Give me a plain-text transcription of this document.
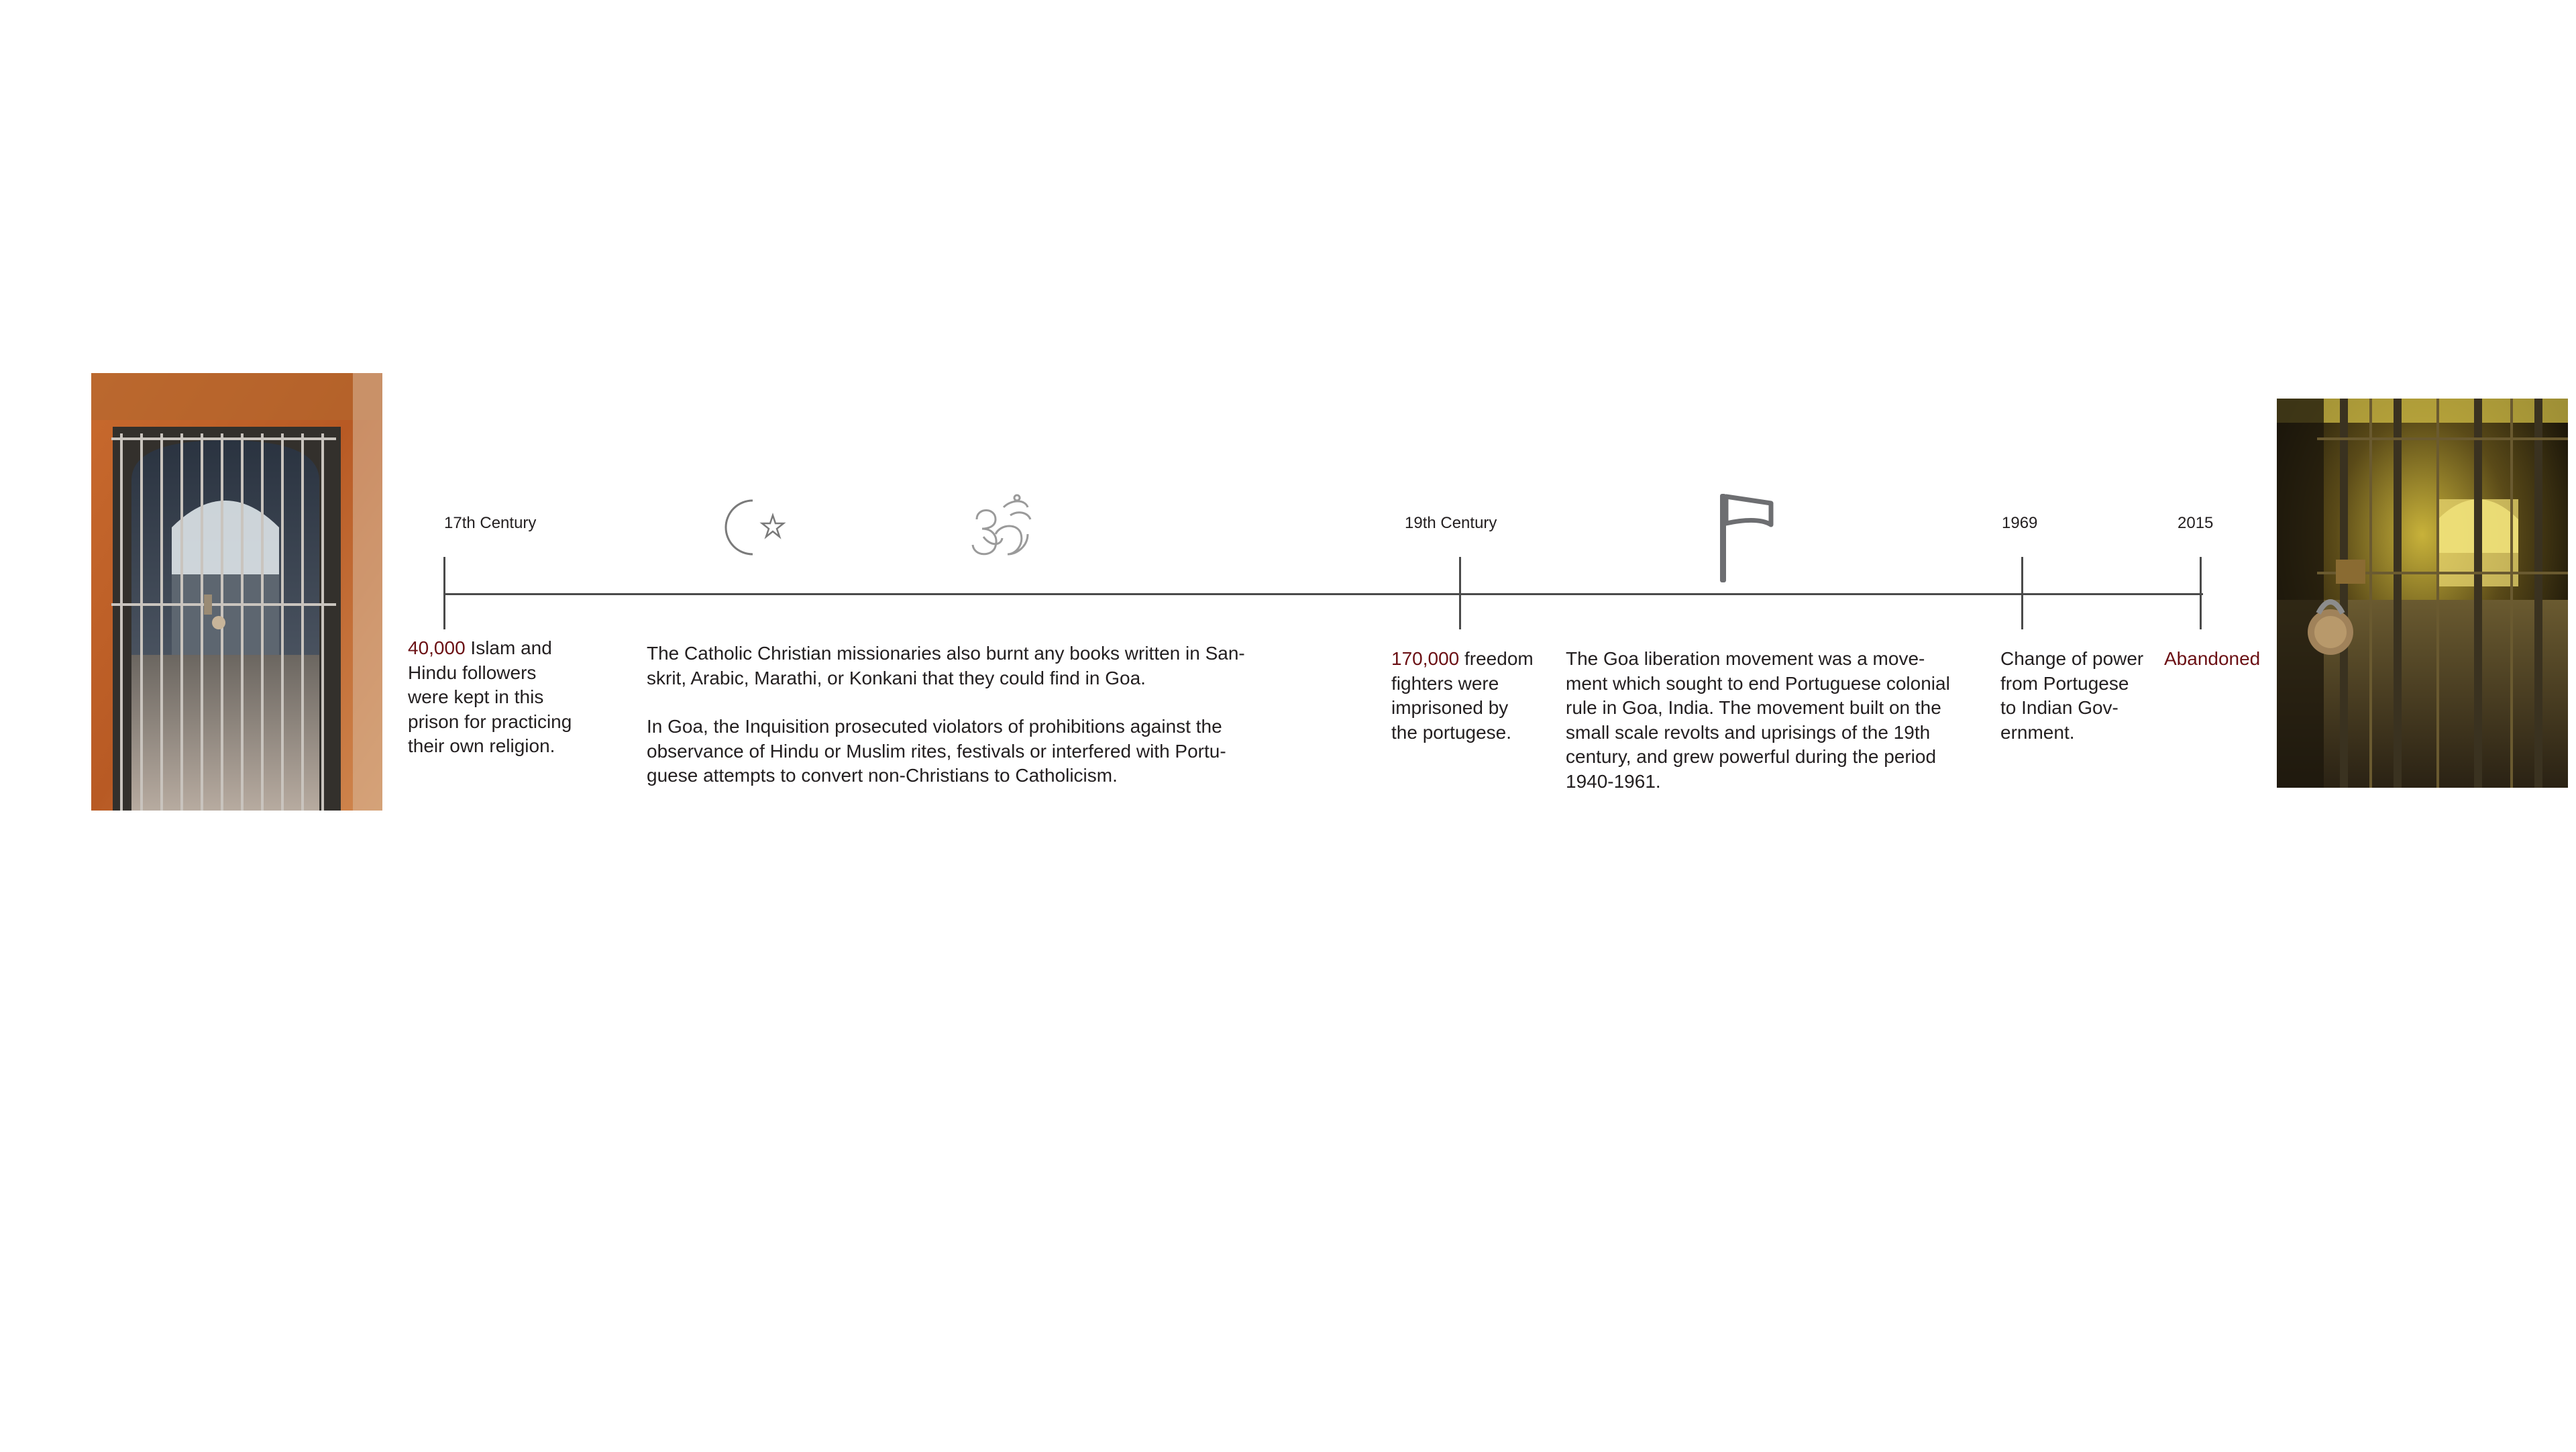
17th Century	19th Century	1969	2015
40,000 Islam and
Hindu followers
were kept in this
prison for practicing
their own religion.

The Catholic Christian missionaries also burnt any books written in San-
skrit, Arabic, Marathi, or Konkani that they could find in Goa.

In Goa, the Inquisition prosecuted violators of prohibitions against the
observance of Hindu or Muslim rites, festivals or interfered with Portu-
guese attempts to convert non-Christians to Catholicism.

170,000 freedom
fighters were
imprisoned by
the portugese.
The Goa liberation movement was a move-
ment which sought to end Portuguese colonial
rule in Goa, India. The movement built on the
small scale revolts and uprisings of the 19th
century, and grew powerful during the period
1940-1961.
Change of power
from Portugese
to Indian Gov-
ernment.
Abandoned
